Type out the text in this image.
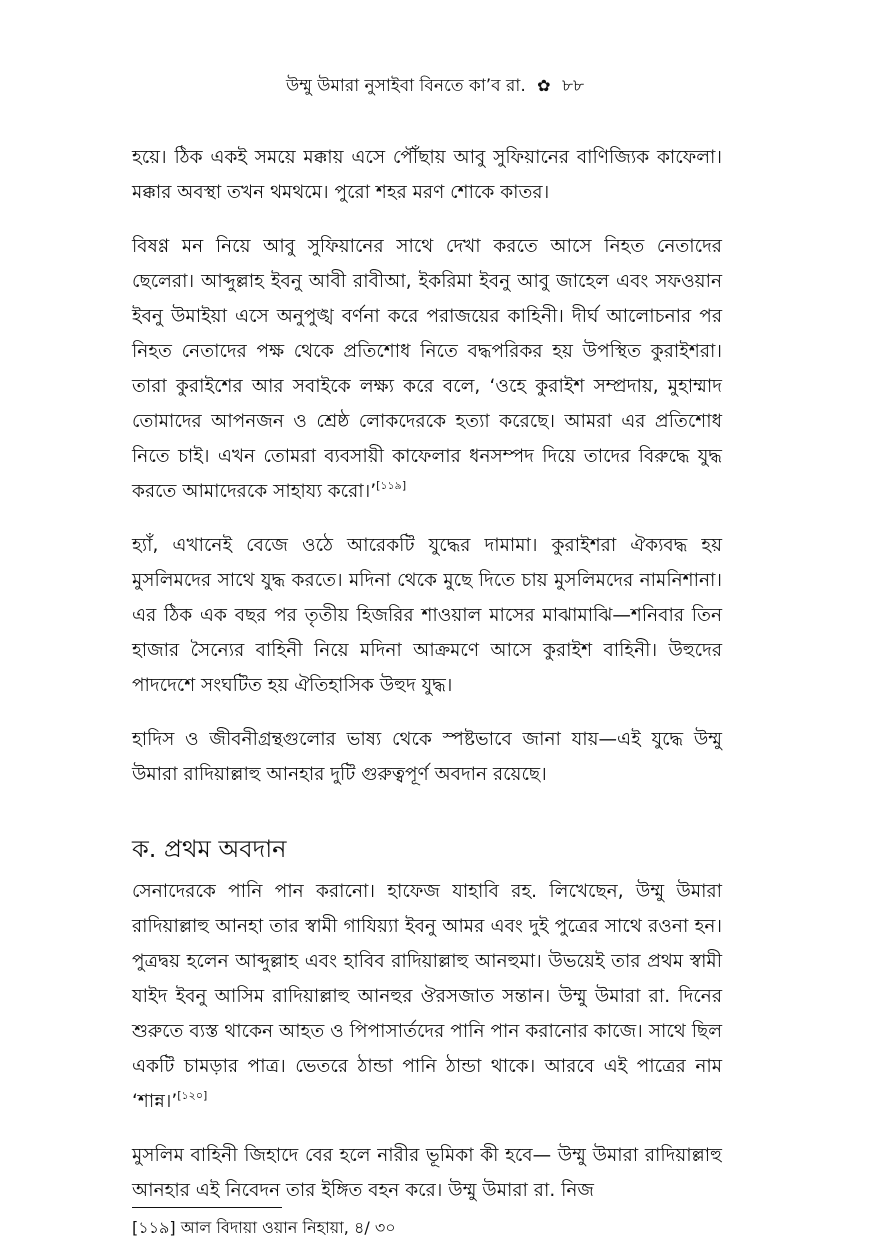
উম্মু উমারা নুসাইবা বিনতে কা’ব রা. ✿ ৮৮

হয়ে। ঠিক একই সময়ে মক্কায় এসে পৌঁছায় আবু সুফিয়ানের বাণিজ্যিক কাফেলা। মক্কার অবস্থা তখন থমথমে। পুরো শহর মরণ শোকে কাতর।

বিষণ্ণ মন নিয়ে আবু সুফিয়ানের সাথে দেখা করতে আসে নিহত নেতাদের ছেলেরা। আব্দুল্লাহ ইবনু আবী রাবীআ, ইকরিমা ইবনু আবু জাহেল এবং সফওয়ান ইবনু উমাইয়া এসে অনুপুঙ্খ বর্ণনা করে পরাজয়ের কাহিনী। দীর্ঘ আলোচনার পর নিহত নেতাদের পক্ষ থেকে প্রতিশোধ নিতে বদ্ধপরিকর হয় উপস্থিত কুরাইশরা। তারা কুরাইশের আর সবাইকে লক্ষ্য করে বলে, ‘ওহে কুরাইশ সম্প্রদায়, মুহাম্মাদ তোমাদের আপনজন ও শ্রেষ্ঠ লোকদেরকে হত্যা করেছে। আমরা এর প্রতিশোধ নিতে চাই। এখন তোমরা ব্যবসায়ী কাফেলার ধনসম্পদ দিয়ে তাদের বিরুদ্ধে যুদ্ধ করতে আমাদেরকে সাহায্য করো।’[১১৯]

হ্যাঁ, এখানেই বেজে ওঠে আরেকটি যুদ্ধের দামামা। কুরাইশরা ঐক্যবদ্ধ হয় মুসলিমদের সাথে যুদ্ধ করতে। মদিনা থেকে মুছে দিতে চায় মুসলিমদের নামনিশানা। এর ঠিক এক বছর পর তৃতীয় হিজরির শাওয়াল মাসের মাঝামাঝি—শনিবার তিন হাজার সৈন্যের বাহিনী নিয়ে মদিনা আক্রমণে আসে কুরাইশ বাহিনী। উহুদের পাদদেশে সংঘটিত হয় ঐতিহাসিক উহুদ যুদ্ধ।

হাদিস ও জীবনীগ্রন্থগুলোর ভাষ্য থেকে স্পষ্টভাবে জানা যায়—এই যুদ্ধে উম্মু উমারা রাদিয়াল্লাহু আনহার দুটি গুরুত্বপূর্ণ অবদান রয়েছে।

ক. প্রথম অবদান

সেনাদেরকে পানি পান করানো। হাফেজ যাহাবি রহ. লিখেছেন, উম্মু উমারা রাদিয়াল্লাহু আনহা তার স্বামী গাযিয়্যা ইবনু আমর এবং দুই পুত্রের সাথে রওনা হন। পুত্রদ্বয় হলেন আব্দুল্লাহ এবং হাবিব রাদিয়াল্লাহু আনহুমা। উভয়েই তার প্রথম স্বামী যাইদ ইবনু আসিম রাদিয়াল্লাহু আনহুর ঔরসজাত সন্তান। উম্মু উমারা রা. দিনের শুরুতে ব্যস্ত থাকেন আহত ও পিপাসার্তদের পানি পান করানোর কাজে। সাথে ছিল একটি চামড়ার পাত্র। ভেতরে ঠান্ডা পানি ঠান্ডা থাকে। আরবে এই পাত্রের নাম ‘শান্ন।’[১২০]

মুসলিম বাহিনী জিহাদে বের হলে নারীর ভূমিকা কী হবে— উম্মু উমারা রাদিয়াল্লাহু আনহার এই নিবেদন তার ইঙ্গিত বহন করে। উম্মু উমারা রা. নিজ

[১১৯] আল বিদায়া ওয়ান নিহায়া, ৪/ ৩০
